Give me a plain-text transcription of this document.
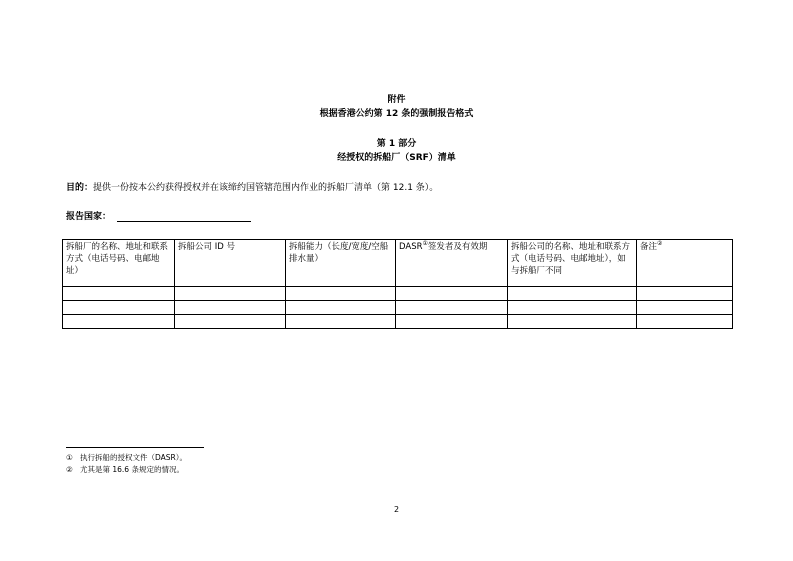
附件
根据香港公约第 12 条的强制报告格式
第 1 部分
经授权的拆船厂（SRF）清单
目的：提供一份按本公约获得授权并在该缔约国管辖范围内作业的拆船厂清单（第 12.1 条）。
报告国家：
拆船厂的名称、地址和联系方式（电话号码、电邮地址）	拆船公司 ID 号	拆船能力（长度/宽度/空船排水量）	DASR①签发者及有效期	拆船公司的名称、地址和联系方式（电话号码、电邮地址），如与拆船厂不同	备注②

① 执行拆船的授权文件（DASR）。
② 尤其是第 16.6 条规定的情况。
2
